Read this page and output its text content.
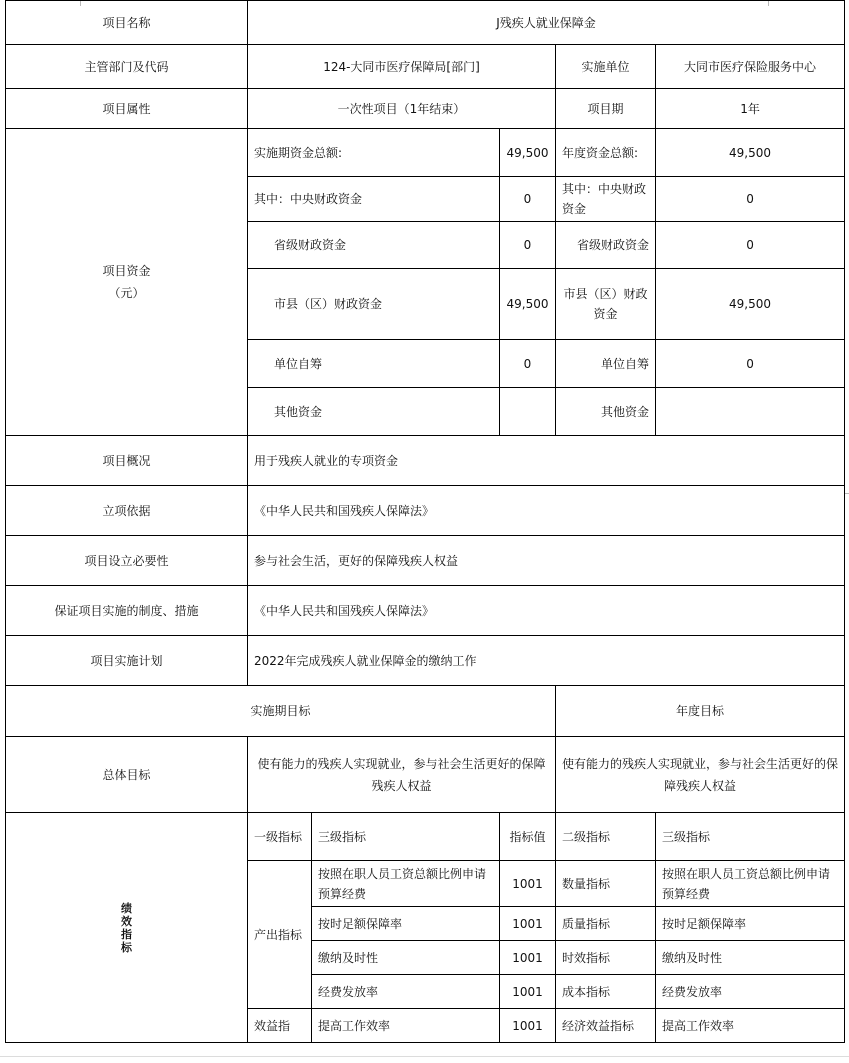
项目名称	J残疾人就业保障金				
主管部门及代码	124-大同市医疗保障局[部门]			实施单位	大同市医疗保险服务中心
项目属性	一次性项目（1年结束）			项目期	1年

项目资金
（元）	实施期资金总额:		49,500	年度资金总额:	49,500
	其中：中央财政资金		0	其中：中央财政资金	0
	省级财政资金		0	省级财政资金	0
	市县（区）财政资金		49,500	市县（区）财政资金	49,500
	单位自筹		0	单位自筹	0
	其他资金			其他资金	
项目概况	用于残疾人就业的专项资金				
立项依据	《中华人民共和国残疾人保障法》				
项目设立必要性	参与社会生活，更好的保障残疾人权益				
保证项目实施的制度、措施	《中华人民共和国残疾人保障法》				
项目实施计划	2022年完成残疾人就业保障金的缴纳工作				
实施期目标				年度目标	
总体目标	使有能力的残疾人实现就业，参与社会生活更好的保障残疾人权益			使有能力的残疾人实现就业，参与社会生活更好的保障残疾人权益	

绩效指标	一级指标	三级指标	指标值	二级指标	三级指标
	产出指标	按照在职人员工资总额比例申请预算经费	1001	数量指标	按照在职人员工资总额比例申请预算经费
		按时足额保障率	1001	质量指标	按时足额保障率
		缴纳及时性	1001	时效指标	缴纳及时性
		经费发放率	1001	成本指标	经费发放率
	效益指	提高工作效率	1001	经济效益指标	提高工作效率
